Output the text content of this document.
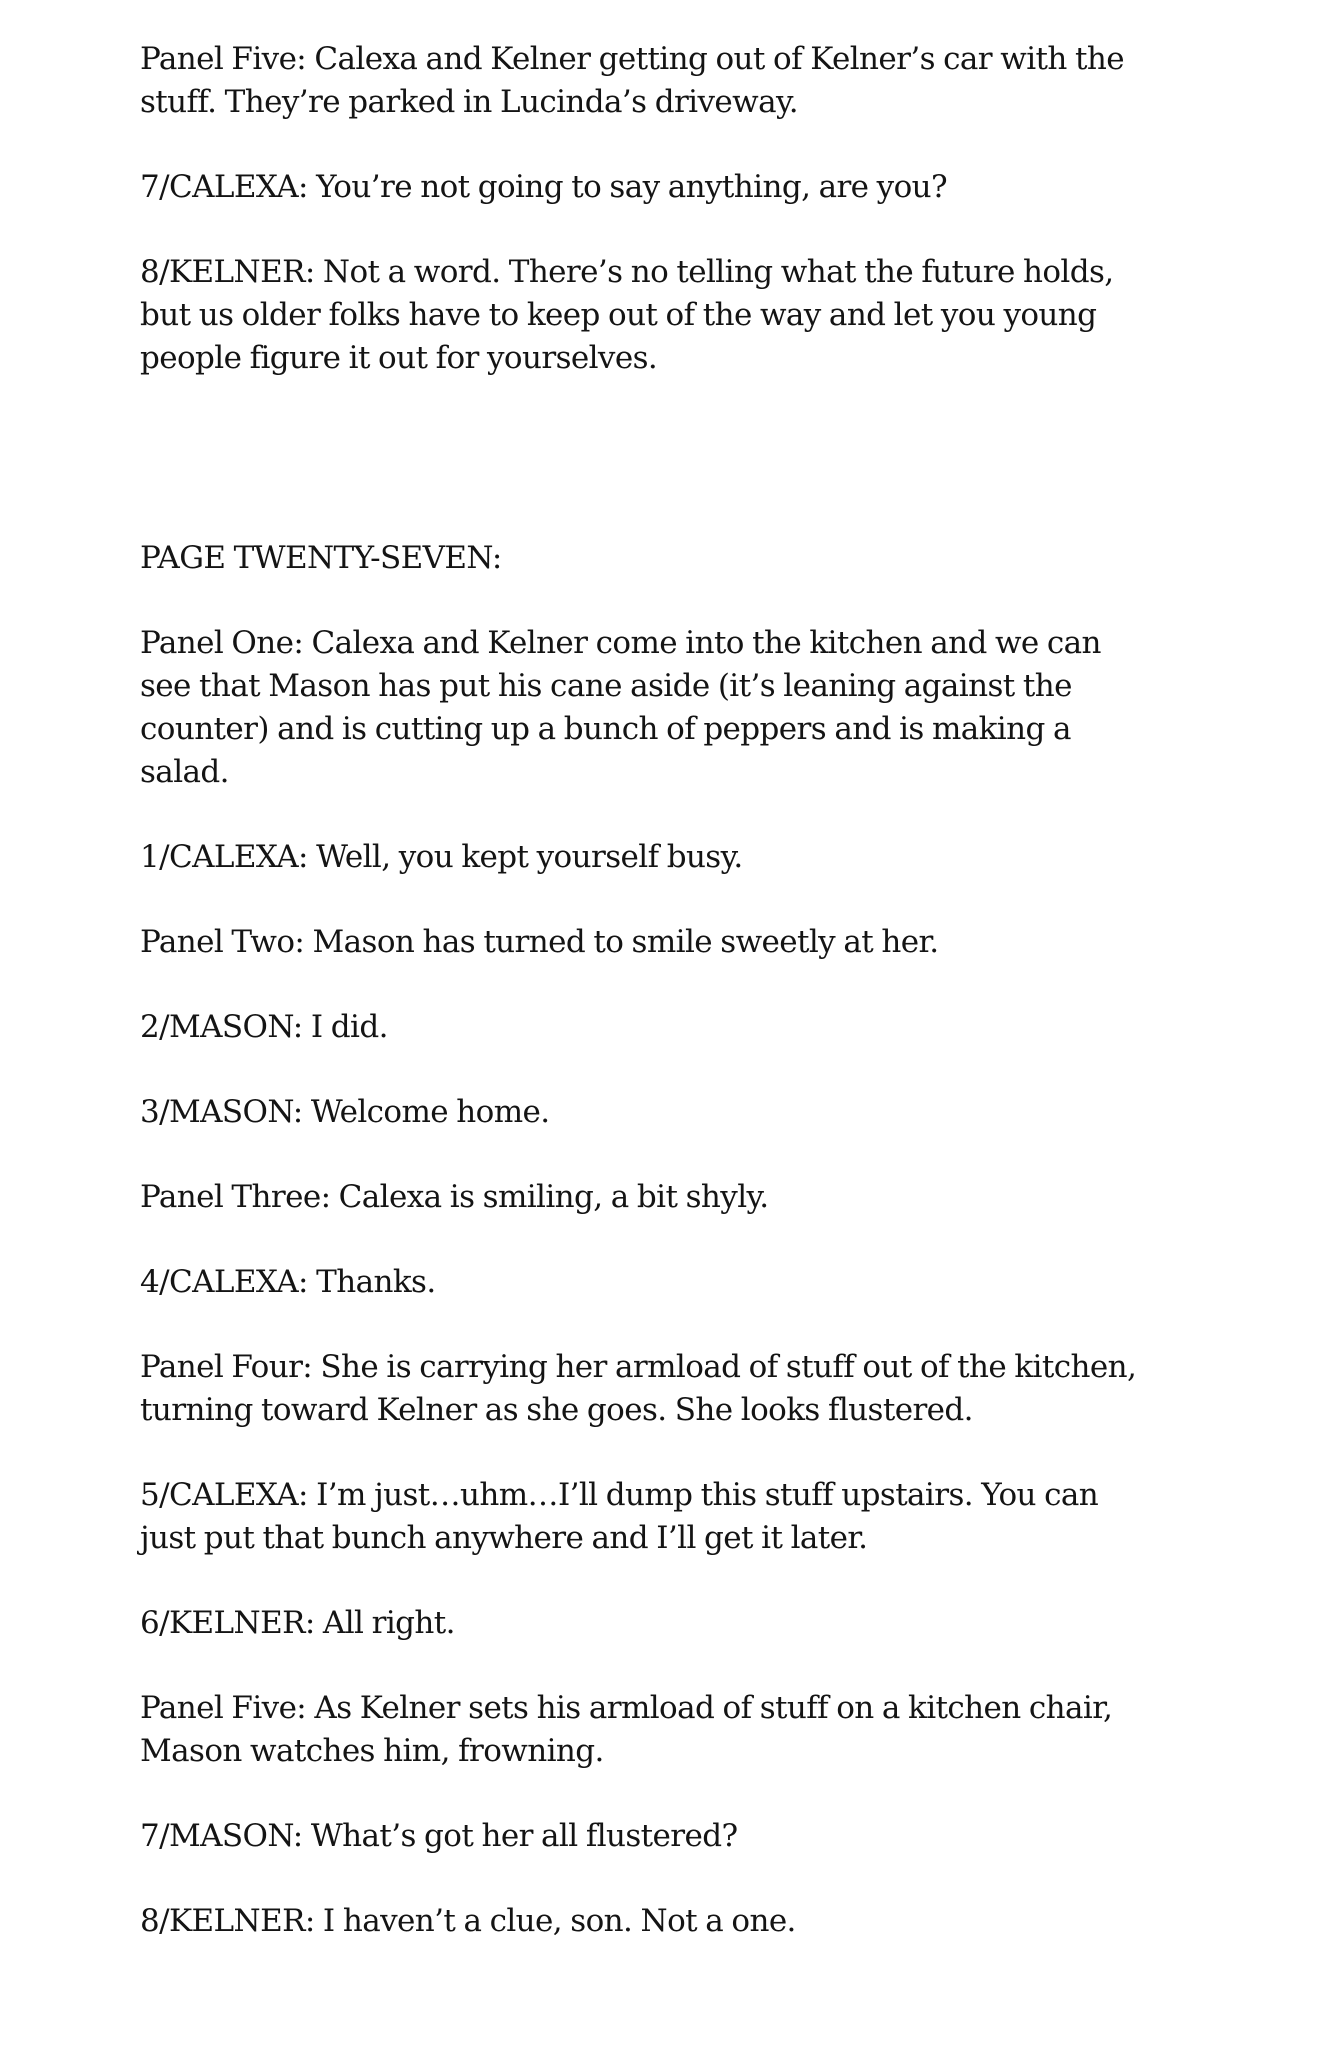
Panel Five: Calexa and Kelner getting out of Kelner’s car with the
stuff. They’re parked in Lucinda’s driveway.

7/CALEXA: You’re not going to say anything, are you?

8/KELNER: Not a word. There’s no telling what the future holds,
but us older folks have to keep out of the way and let you young
people figure it out for yourselves.

PAGE TWENTY-SEVEN:

Panel One: Calexa and Kelner come into the kitchen and we can
see that Mason has put his cane aside (it’s leaning against the
counter) and is cutting up a bunch of peppers and is making a
salad.

1/CALEXA: Well, you kept yourself busy.

Panel Two: Mason has turned to smile sweetly at her.

2/MASON: I did.

3/MASON: Welcome home.

Panel Three: Calexa is smiling, a bit shyly.

4/CALEXA: Thanks.

Panel Four: She is carrying her armload of stuff out of the kitchen,
turning toward Kelner as she goes. She looks flustered.

5/CALEXA: I’m just…uhm…I’ll dump this stuff upstairs. You can
just put that bunch anywhere and I’ll get it later.

6/KELNER: All right.

Panel Five: As Kelner sets his armload of stuff on a kitchen chair,
Mason watches him, frowning.

7/MASON: What’s got her all flustered?

8/KELNER: I haven’t a clue, son. Not a one.
